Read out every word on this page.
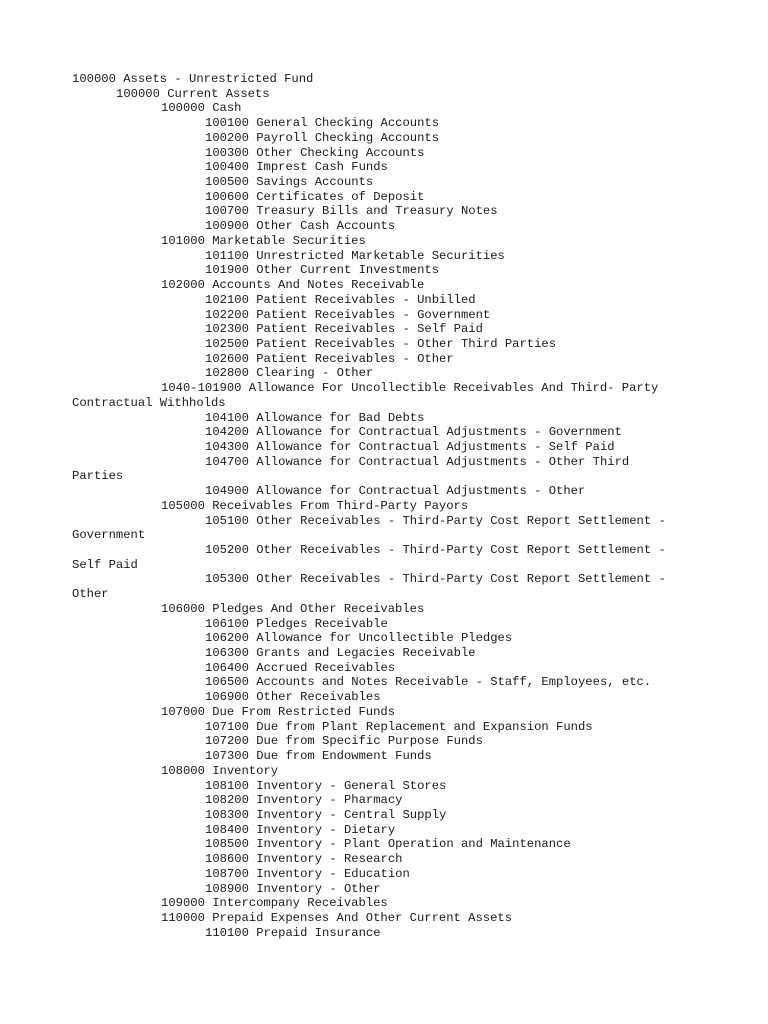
100000 Assets - Unrestricted Fund
100000 Current Assets
100000 Cash
100100 General Checking Accounts
100200 Payroll Checking Accounts
100300 Other Checking Accounts
100400 Imprest Cash Funds
100500 Savings Accounts
100600 Certificates of Deposit
100700 Treasury Bills and Treasury Notes
100900 Other Cash Accounts
101000 Marketable Securities
101100 Unrestricted Marketable Securities
101900 Other Current Investments
102000 Accounts And Notes Receivable
102100 Patient Receivables - Unbilled
102200 Patient Receivables - Government
102300 Patient Receivables - Self Paid
102500 Patient Receivables - Other Third Parties
102600 Patient Receivables - Other
102800 Clearing - Other
1040-101900 Allowance For Uncollectible Receivables And Third- Party
Contractual Withholds
104100 Allowance for Bad Debts
104200 Allowance for Contractual Adjustments - Government
104300 Allowance for Contractual Adjustments - Self Paid
104700 Allowance for Contractual Adjustments - Other Third
Parties
104900 Allowance for Contractual Adjustments - Other
105000 Receivables From Third-Party Payors
105100 Other Receivables - Third-Party Cost Report Settlement -
Government
105200 Other Receivables - Third-Party Cost Report Settlement -
Self Paid
105300 Other Receivables - Third-Party Cost Report Settlement -
Other
106000 Pledges And Other Receivables
106100 Pledges Receivable
106200 Allowance for Uncollectible Pledges
106300 Grants and Legacies Receivable
106400 Accrued Receivables
106500 Accounts and Notes Receivable - Staff, Employees, etc.
106900 Other Receivables
107000 Due From Restricted Funds
107100 Due from Plant Replacement and Expansion Funds
107200 Due from Specific Purpose Funds
107300 Due from Endowment Funds
108000 Inventory
108100 Inventory - General Stores
108200 Inventory - Pharmacy
108300 Inventory - Central Supply
108400 Inventory - Dietary
108500 Inventory - Plant Operation and Maintenance
108600 Inventory - Research
108700 Inventory - Education
108900 Inventory - Other
109000 Intercompany Receivables
110000 Prepaid Expenses And Other Current Assets
110100 Prepaid Insurance
